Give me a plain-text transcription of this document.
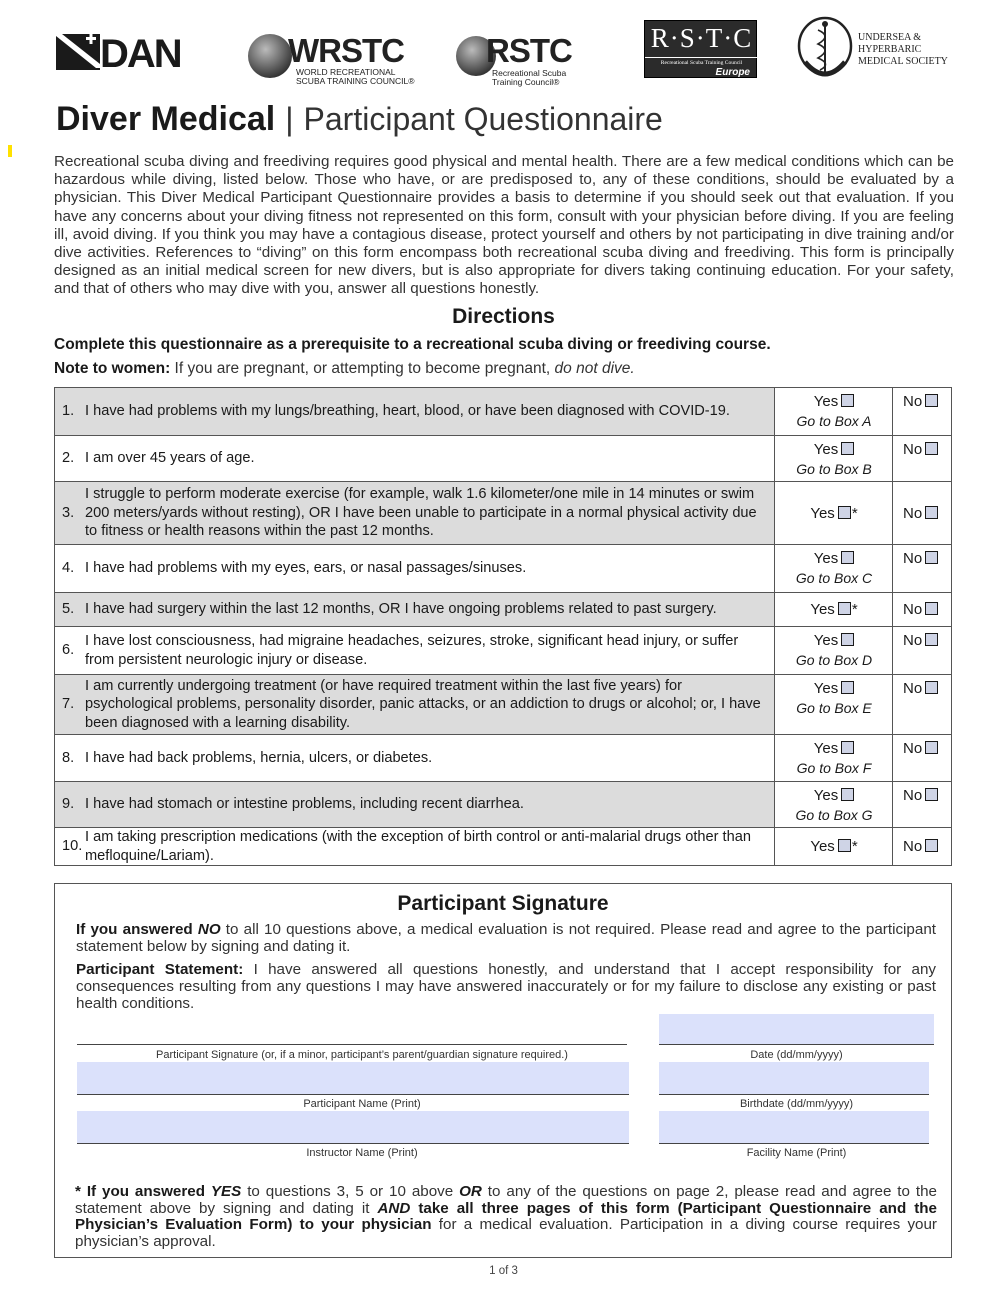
DAN	WRSTC
WORLD RECREATIONAL SCUBA TRAINING COUNCIL®
RSTC
Recreational Scuba Training Council®
R·S·T·C
Recreational Scuba Training Council
Europe
UNDERSEA &
HYPERBARIC
MEDICAL SOCIETY
Diver Medical | Participant Questionnaire
Recreational scuba diving and freediving requires good physical and mental health. There are a few medical conditions which can be hazardous while diving, listed below. Those who have, or are predisposed to, any of these conditions, should be evaluated by a physician. This Diver Medical Participant Questionnaire provides a basis to determine if you should seek out that evaluation. If you have any concerns about your diving fitness not represented on this form, consult with your physician before diving. If you are feeling ill, avoid diving. If you think you may have a contagious disease, protect yourself and others by not participating in dive training and/or dive activities. References to “diving” on this form encompass both recreational scuba diving and freediving. This form is principally designed as an initial medical screen for new divers, but is also appropriate for divers taking continuing education. For your safety, and that of others who may dive with you, answer all questions honestly.
Directions
Complete this questionnaire as a prerequisite to a recreational scuba diving or freediving course.
Note to women: If you are pregnant, or attempting to become pregnant, do not dive.
1. I have had problems with my lungs/breathing, heart, blood, or have been diagnosed with COVID-19.
Yes
Go to Box A
No
2. I am over 45 years of age.
Yes
Go to Box B
No
3.
I struggle to perform moderate exercise (for example, walk 1.6 kilometer/one mile in 14 minutes or swim 200 meters/yards without resting), OR I have been unable to participate in a normal physical activity due to fitness or health reasons within the past 12 months.
Yes *	No
4. I have had problems with my eyes, ears, or nasal passages/sinuses.
Yes
Go to Box C
No
5. I have had surgery within the last 12 months, OR I have ongoing problems related to past surgery.	Yes *	No
6.
I have lost consciousness, had migraine headaches, seizures, stroke, significant head injury, or suffer from persistent neurologic injury or disease.
Yes
Go to Box D
No
7.
I am currently undergoing treatment (or have required treatment within the last five years) for psychological problems, personality disorder, panic attacks, or an addiction to drugs or alcohol; or, I have been diagnosed with a learning disability.
Yes
Go to Box E
No
8. I have had back problems, hernia, ulcers, or diabetes.
Yes
Go to Box F
No
9. I have had stomach or intestine problems, including recent diarrhea.
Yes
Go to Box G
No
10.
I am taking prescription medications (with the exception of birth control or anti-malarial drugs other than mefloquine/Lariam).
Yes *	No
Participant Signature
If you answered NO to all 10 questions above, a medical evaluation is not required. Please read and agree to the participant statement below by signing and dating it.
Participant Statement: I have answered all questions honestly, and understand that I accept responsibility for any consequences resulting from any questions I may have answered inaccurately or for my failure to disclose any existing or past health conditions.
Participant Signature (or, if a minor, participant’s parent/guardian signature required.)	Date (dd/mm/yyyy)
Participant Name (Print)	Birthdate (dd/mm/yyyy)
Instructor Name (Print)	Facility Name (Print)
* If you answered YES to questions 3, 5 or 10 above OR to any of the questions on page 2, please read and agree to the statement above by signing and dating it AND take all three pages of this form (Participant Questionnaire and the Physician’s Evaluation Form) to your physician for a medical evaluation. Participation in a diving course requires your physician’s approval.
1 of 3
